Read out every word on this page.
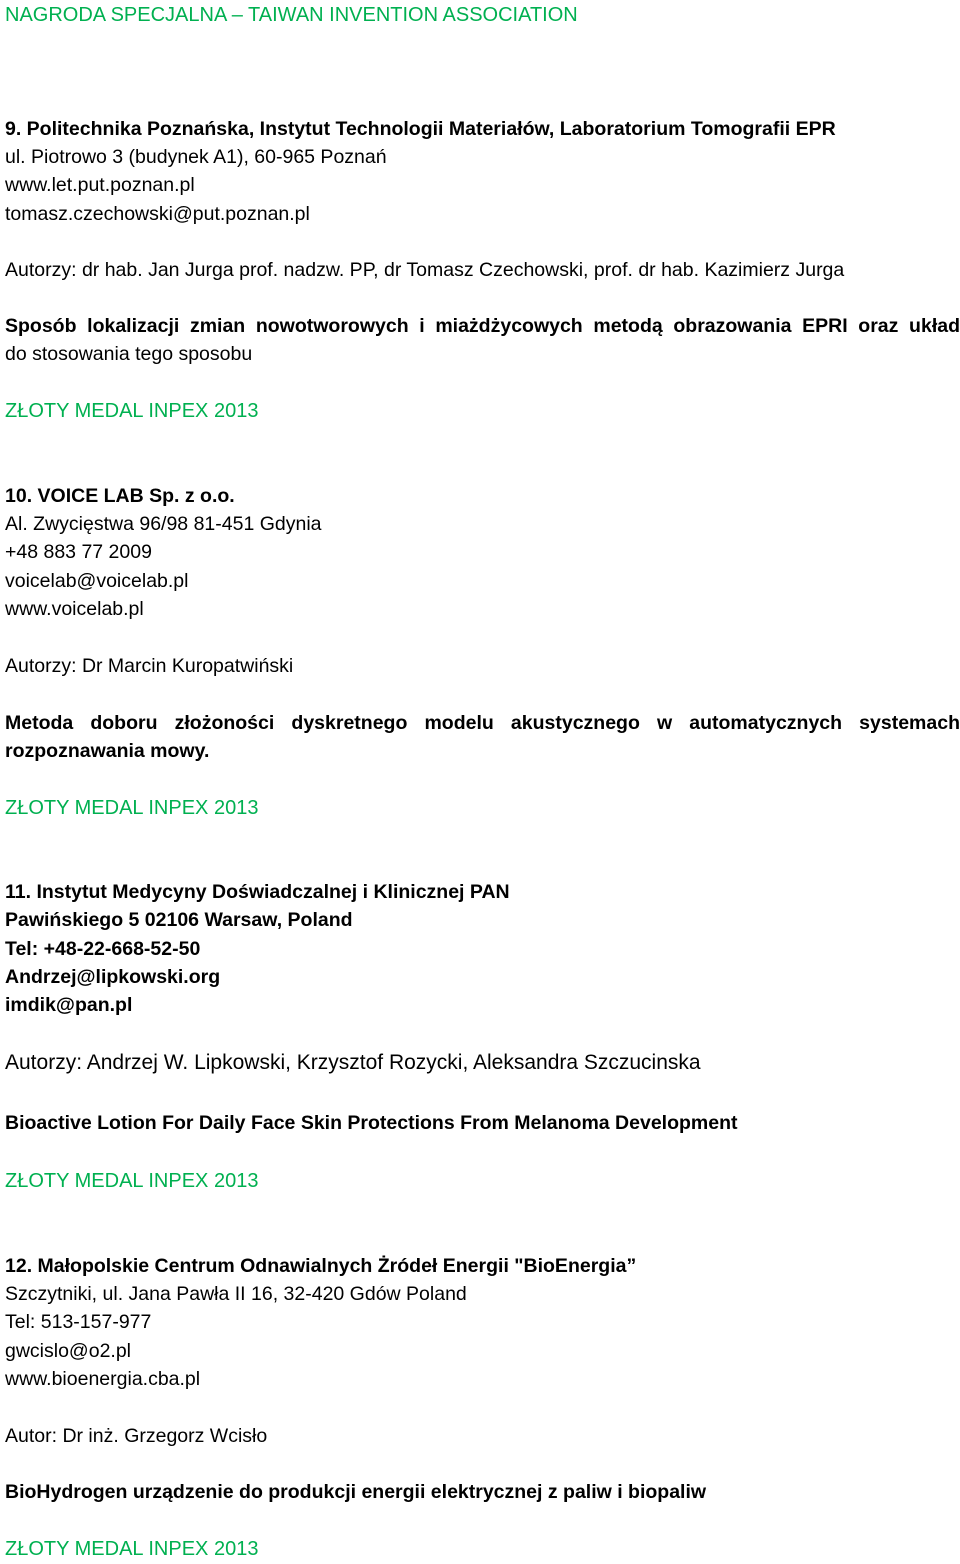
NAGRODA SPECJALNA – TAIWAN INVENTION ASSOCIATION
9. Politechnika Poznańska, Instytut Technologii Materiałów, Laboratorium Tomografii EPR
ul. Piotrowo 3 (budynek A1), 60-965 Poznań
www.let.put.poznan.pl
tomasz.czechowski@put.poznan.pl
Autorzy: dr hab. Jan Jurga prof. nadzw. PP, dr Tomasz Czechowski, prof. dr hab. Kazimierz Jurga
Sposób lokalizacji zmian nowotworowych i miażdżycowych metodą obrazowania EPRI oraz układ
do stosowania tego sposobu
ZŁOTY MEDAL INPEX 2013
10. VOICE LAB Sp. z o.o.
Al. Zwycięstwa 96/98 81-451 Gdynia
+48 883 77 2009
voicelab@voicelab.pl
www.voicelab.pl
Autorzy: Dr Marcin Kuropatwiński
Metoda doboru złożoności dyskretnego modelu akustycznego w automatycznych systemach
rozpoznawania mowy.
ZŁOTY MEDAL INPEX 2013
11. Instytut Medycyny Doświadczalnej i Klinicznej PAN
Pawińskiego 5 02106 Warsaw, Poland
Tel: +48-22-668-52-50
Andrzej@lipkowski.org
imdik@pan.pl
Autorzy: Andrzej W. Lipkowski, Krzysztof Rozycki, Aleksandra Szczucinska
Bioactive Lotion For Daily Face Skin Protections From Melanoma Development
ZŁOTY MEDAL INPEX 2013
12. Małopolskie Centrum Odnawialnych Żródeł Energii "BioEnergia”
Szczytniki, ul. Jana Pawła II 16, 32-420 Gdów Poland
Tel: 513-157-977
gwcislo@o2.pl
www.bioenergia.cba.pl
Autor: Dr inż. Grzegorz Wcisło
BioHydrogen urządzenie do produkcji energii elektrycznej z paliw i biopaliw
ZŁOTY MEDAL INPEX 2013
